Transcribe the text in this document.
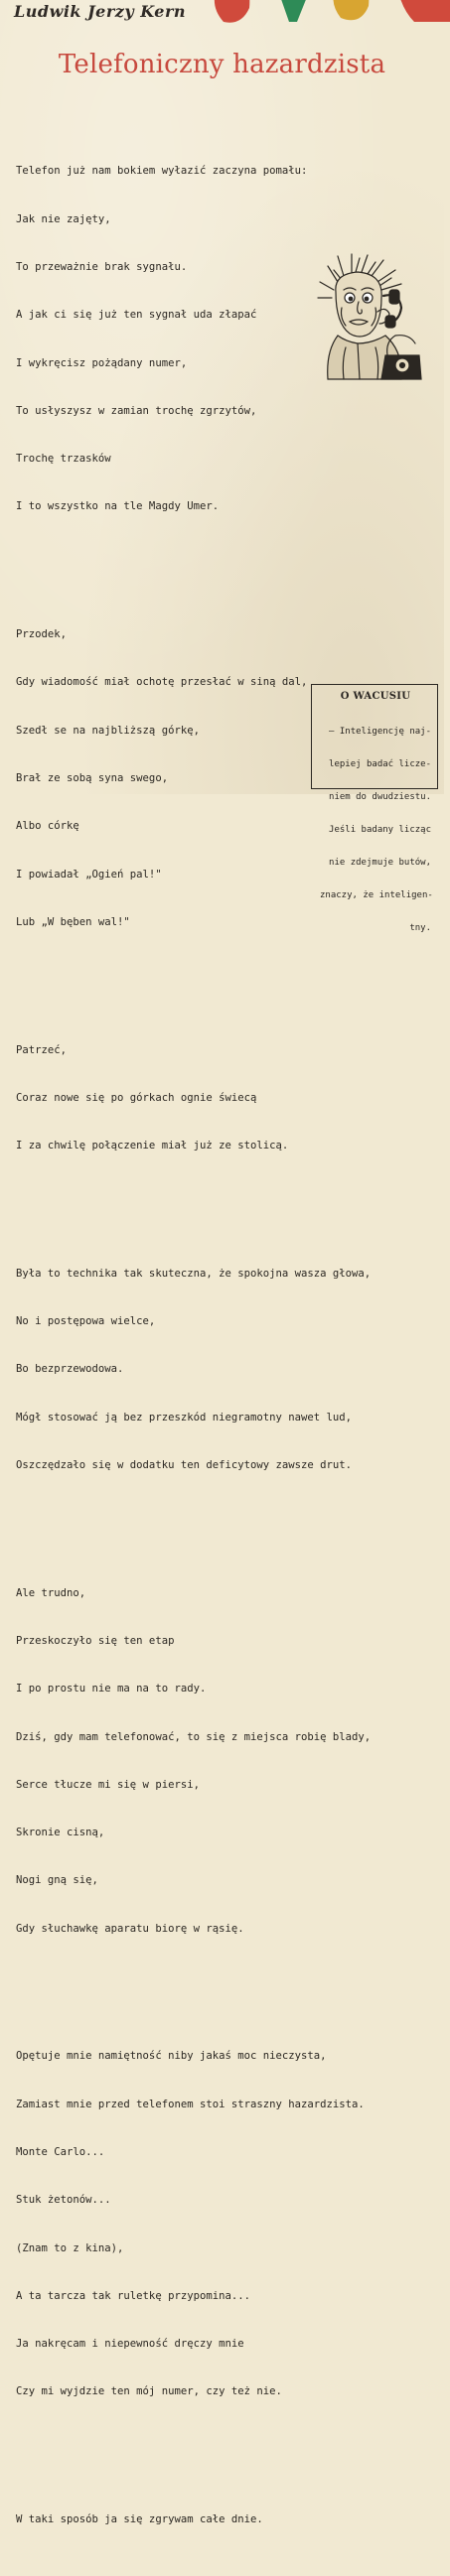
Ludwik Jerzy Kern
Telefoniczny hazardzista

Telefon już nam bokiem wyłazić zaczyna pomału:

Jak nie zajęty,

To przeważnie brak sygnału.

A jak ci się już ten sygnał uda złapać

I wykręcisz pożądany numer,

To usłyszysz w zamian trochę zgrzytów,

Trochę trzasków

I to wszystko na tle Magdy Umer.

Przodek,

Gdy wiadomość miał ochotę przesłać w siną dal,

Szedł se na najbliższą górkę,

Brał ze sobą syna swego,

Albo córkę

I powiadał „Ogień pal!"

Lub „W bęben wal!"

Patrzeć,

Coraz nowe się po górkach ognie świecą

I za chwilę połączenie miał już ze stolicą.

Była to technika tak skuteczna, że spokojna wasza głowa,

No i postępowa wielce,

Bo bezprzewodowa.

Mógł stosować ją bez przeszkód niegramotny nawet lud,

Oszczędzało się w dodatku ten deficytowy zawsze drut.

Ale trudno,

Przeskoczyło się ten etap

I po prostu nie ma na to rady.

Dziś, gdy mam telefonować, to się z miejsca robię blady,

Serce tłucze mi się w piersi,

Skronie cisną,

Nogi gną się,

Gdy słuchawkę aparatu biorę w rąsię.

Opętuje mnie namiętność niby jakaś moc nieczysta,

Zamiast mnie przed telefonem stoi straszny hazardzista.

Monte Carlo...

Stuk żetonów...

(Znam to z kina),

A ta tarcza tak ruletkę przypomina...

Ja nakręcam i niepewność dręczy mnie

Czy mi wyjdzie ten mój numer, czy też nie.

W taki sposób ja się zgrywam całe dnie.

O WACUSIU

— Inteligencję naj-

lepiej badać licze-

niem do dwudziestu.

Jeśli badany licząc

nie zdejmuje butów,

znaczy, że inteligen-

tny.
